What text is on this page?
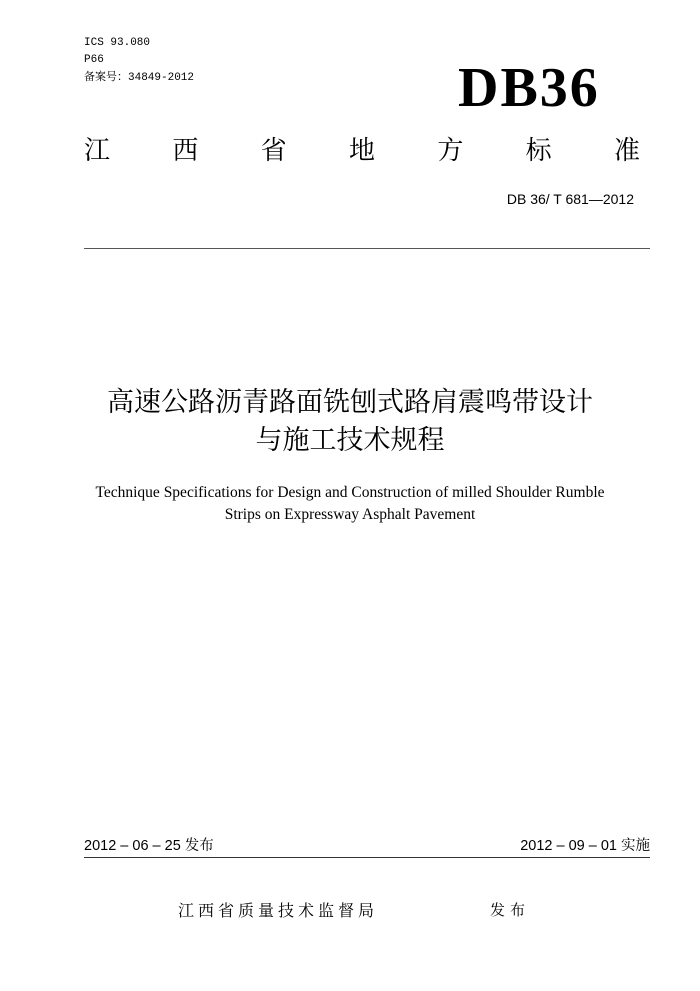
ICS 93.080
P66
备案号：34849-2012	DB36
江 西 省 地 方 标 准
DB 36/ T 681—2012
高速公路沥青路面铣刨式路肩震鸣带设计
与施工技术规程
Technique Specifications for Design and Construction of milled Shoulder Rumble
Strips on Expressway Asphalt Pavement
2012 – 06 – 25 发布	2012 – 09 – 01 实施
江西省质量技术监督局	发布
